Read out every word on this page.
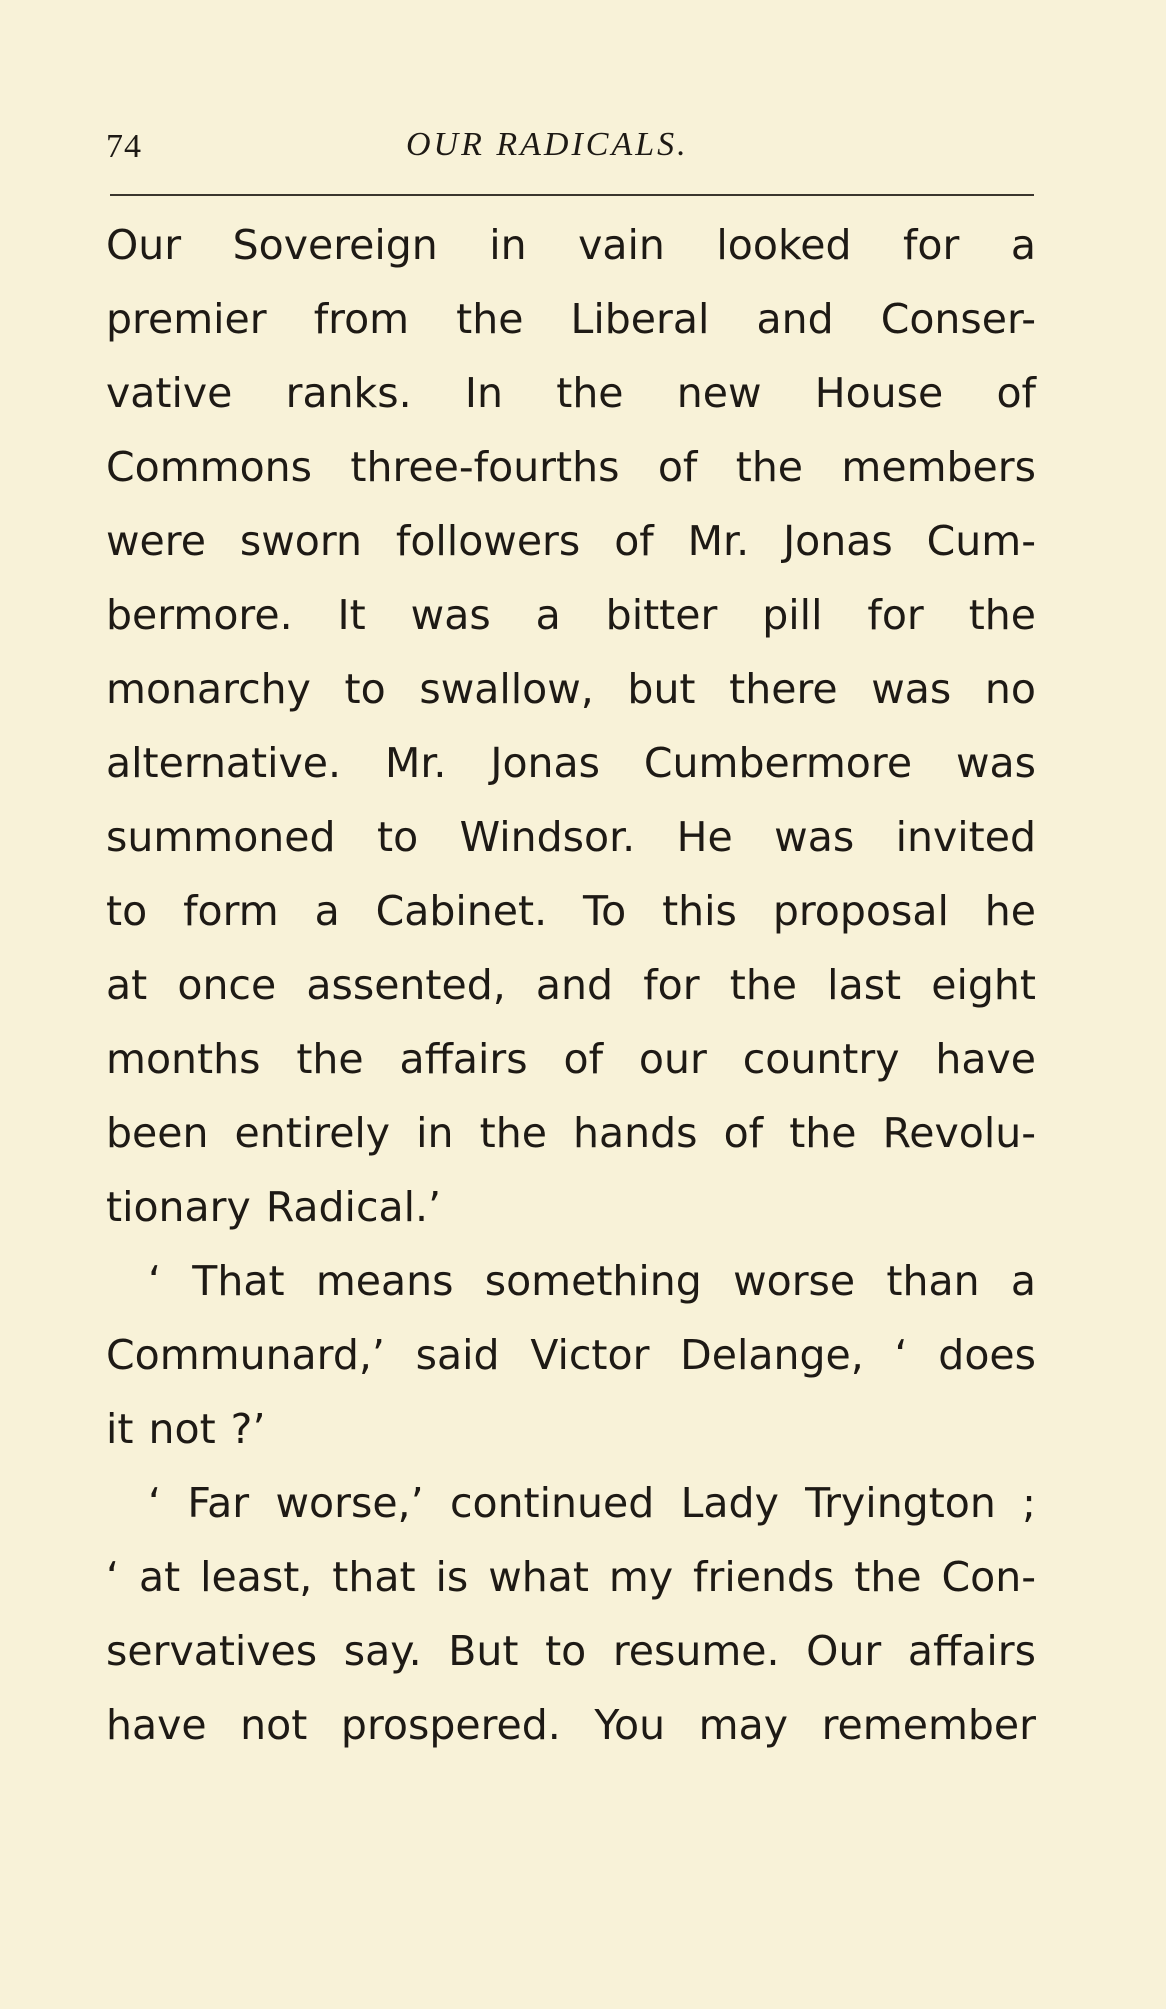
74	OUR RADICALS.
Our Sovereign in vain looked for a
premier from the Liberal and Conser-
vative ranks. In the new House of
Commons three-fourths of the members
were sworn followers of Mr. Jonas Cum-
bermore. It was a bitter pill for the
monarchy to swallow, but there was no
alternative. Mr. Jonas Cumbermore was
summoned to Windsor. He was invited
to form a Cabinet. To this proposal he
at once assented, and for the last eight
months the affairs of our country have
been entirely in the hands of the Revolu-
tionary Radical.’
‘ That means something worse than a
Communard,’ said Victor Delange, ‘ does
it not ?’
‘ Far worse,’ continued Lady Tryington ;
‘ at least, that is what my friends the Con-
servatives say. But to resume. Our affairs
have not prospered. You may remember
